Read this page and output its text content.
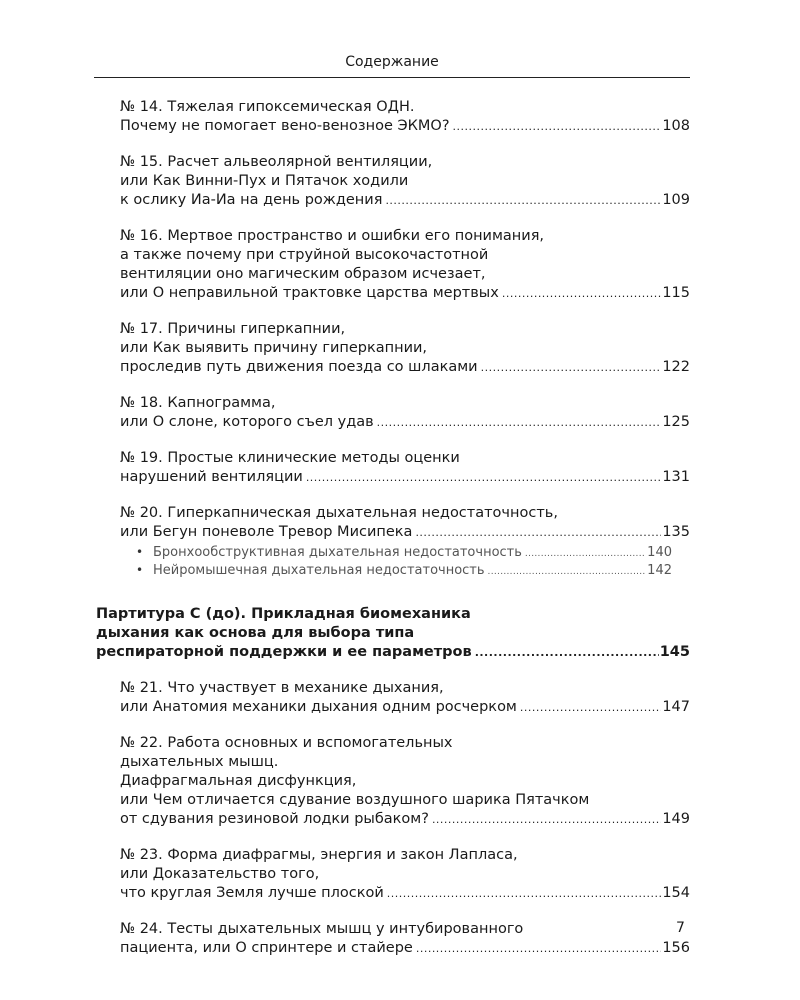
Содержание
№ 14. Тяжелая гипоксемическая ОДН.
Почему не помогает вено-венозное ЭКМО? .....	108
№ 15. Расчет альвеолярной вентиляции,
или Как Винни-Пух и Пятачок ходили
к ослику Иа-Иа на день рождения .....	109
№ 16. Мертвое пространство и ошибки его понимания,
а также почему при струйной высокочастотной
вентиляции оно магическим образом исчезает,
или О неправильной трактовке царства мертвых .....	115
№ 17. Причины гиперкапнии,
или Как выявить причину гиперкапнии,
проследив путь движения поезда со шлаками .....	122
№ 18. Капнограмма,
или О слоне, которого съел удав .....	125
№ 19. Простые клинические методы оценки
нарушений вентиляции .....	131
№ 20. Гиперкапническая дыхательная недостаточность,
или Бегун поневоле Тревор Мисипека .....	135
• Бронхообструктивная дыхательная недостаточность .....	140
• Нейромышечная дыхательная недостаточность .....	142
Партитура С (до). Прикладная биомеханика
дыхания как основа для выбора типа
респираторной поддержки и ее параметров .....	145
№ 21. Что участвует в механике дыхания,
или Анатомия механики дыхания одним росчерком .....	147
№ 22. Работа основных и вспомогательных
дыхательных мышц.
Диафрагмальная дисфункция,
или Чем отличается сдувание воздушного шарика Пятачком
от сдувания резиновой лодки рыбаком? .....	149
№ 23. Форма диафрагмы, энергия и закон Лапласа,
или Доказательство того,
что круглая Земля лучше плоской .....	154
№ 24. Тесты дыхательных мышц у интубированного
пациента, или О спринтере и стайере .....	156
7
